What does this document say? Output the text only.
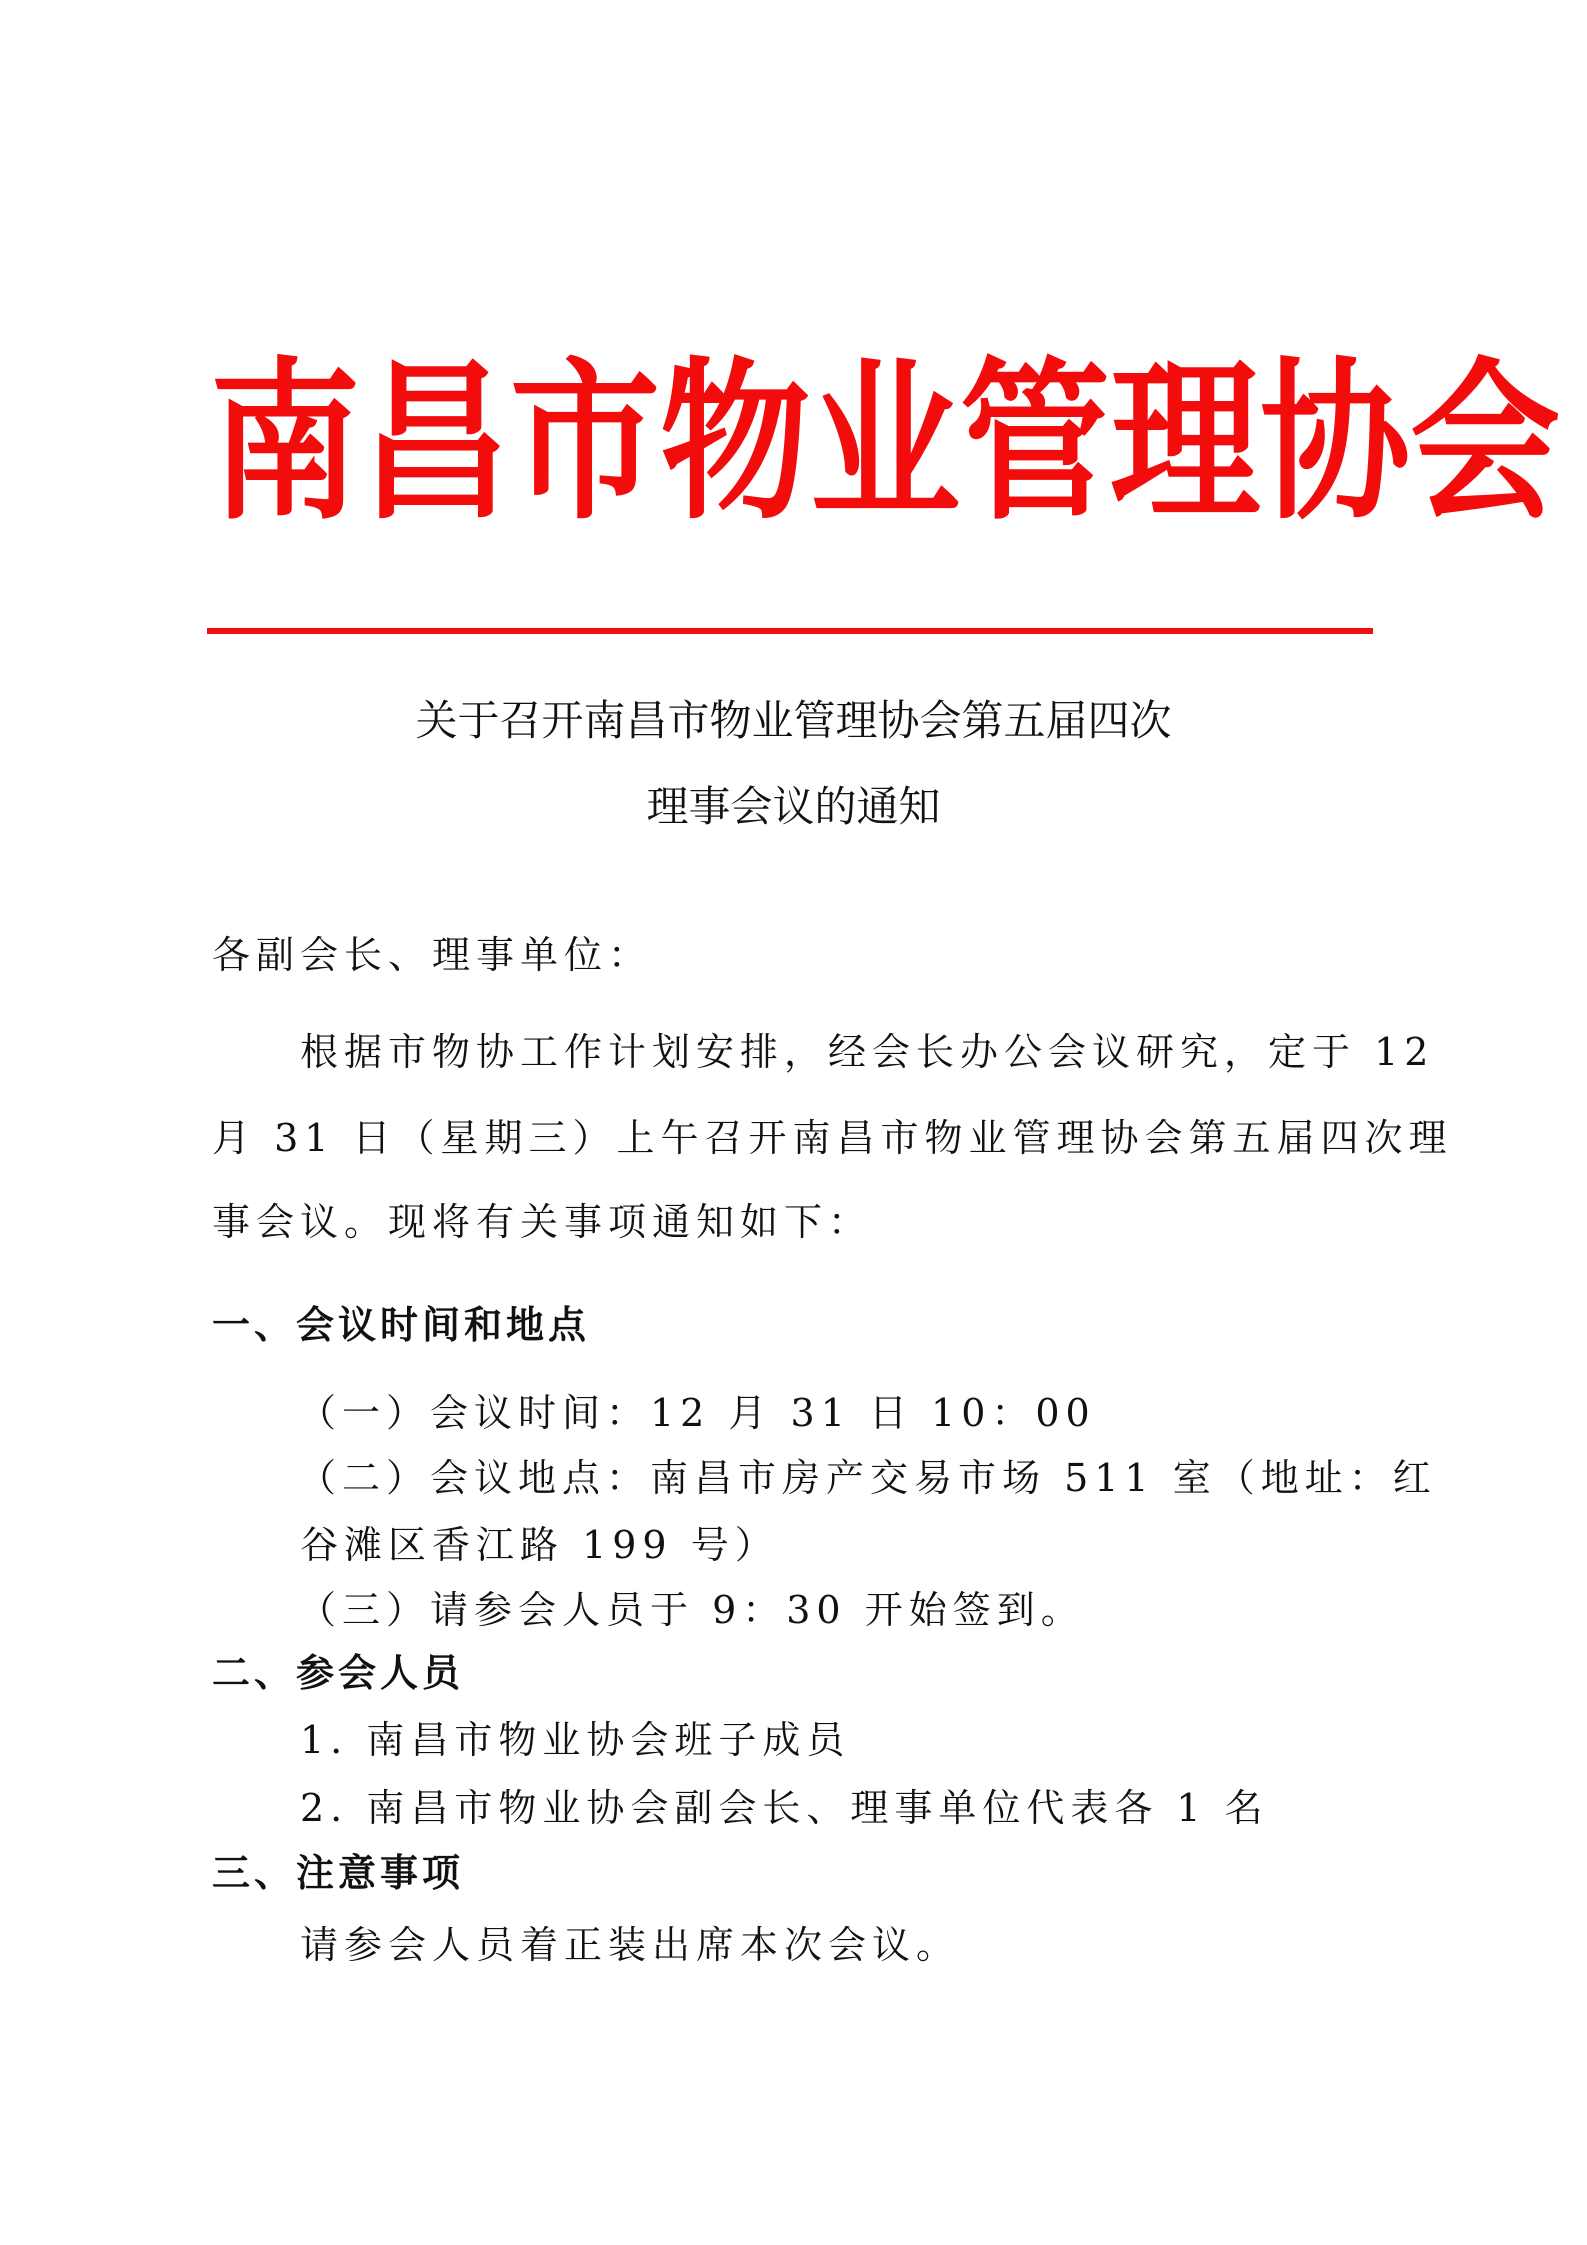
南 昌 市 物 业 管 理 协 会
关于召开南昌市物业管理协会第五届四次
理事会议的通知
各副会长、理事单位：
根据市物协工作计划安排，经会长办公会议研究，定于 12
月 31 日（星期三）上午召开南昌市物业管理协会第五届四次理
事会议。现将有关事项通知如下：
一、会议时间和地点
（一）会议时间：12 月 31 日 10：00
（二）会议地点：南昌市房产交易市场 511 室（地址：红
谷滩区香江路 199 号）
（三）请参会人员于 9：30 开始签到。
二、参会人员
1. 南昌市物业协会班子成员
2. 南昌市物业协会副会长、理事单位代表各 1 名
三、注意事项
请参会人员着正装出席本次会议。
